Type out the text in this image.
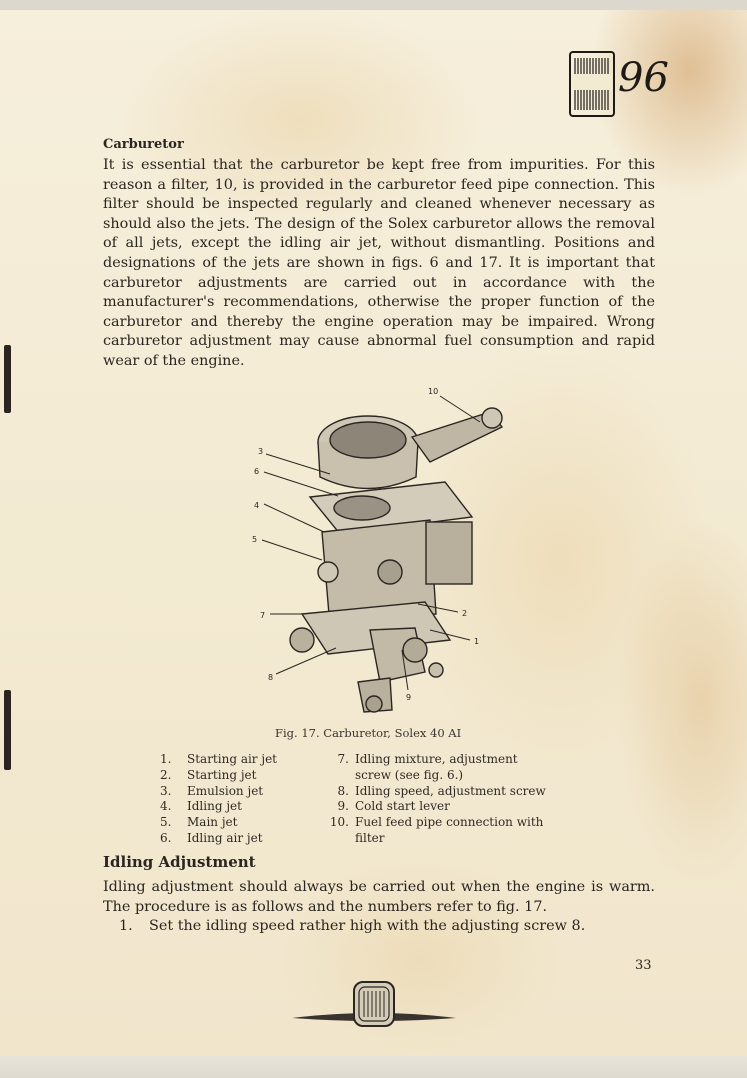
96
Carburetor
It is essential that the carburetor be kept free from impurities. For this reason a filter, 10, is provided in the carburetor feed pipe connection. This filter should be inspected regularly and cleaned whenever necessary as should also the jets. The design of the Solex carburetor allows the removal of all jets, except the idling air jet, without dismantling. Positions and designations of the jets are shown in figs. 6 and 17. It is important that carburetor adjustments are carried out in accordance with the manufacturer's recommendations, otherwise the proper function of the carburetor and thereby the engine operation may be impaired. Wrong carburetor adjustment may cause abnormal fuel consumption and rapid wear of the engine.
10
3
6
4
5
7
8
9
2
1
Fig. 17. Carburetor, Solex 40 AI
1. Starting air jet
2. Starting jet
3. Emulsion jet
4. Idling jet
5. Main jet
6. Idling air jet
7. Idling mixture, adjustment
screw (see fig. 6.)
8. Idling speed, adjustment screw
9. Cold start lever
10. Fuel feed pipe connection with
filter
Idling Adjustment
Idling adjustment should always be carried out when the engine is warm. The procedure is as follows and the numbers refer to fig. 17.
1. Set the idling speed rather high with the adjusting screw 8.
33
